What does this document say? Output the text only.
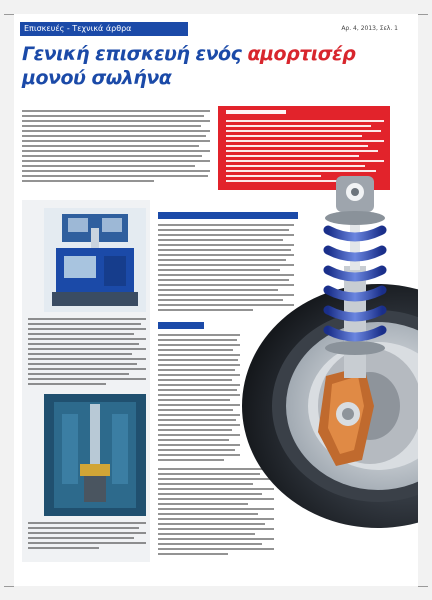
Επισκευές - Τεχνικά άρθρα	Αρ. 4, 2013, Σελ. 1
Γενική επισκευή ενός αμορτισέρ
μονού σωλήνα
